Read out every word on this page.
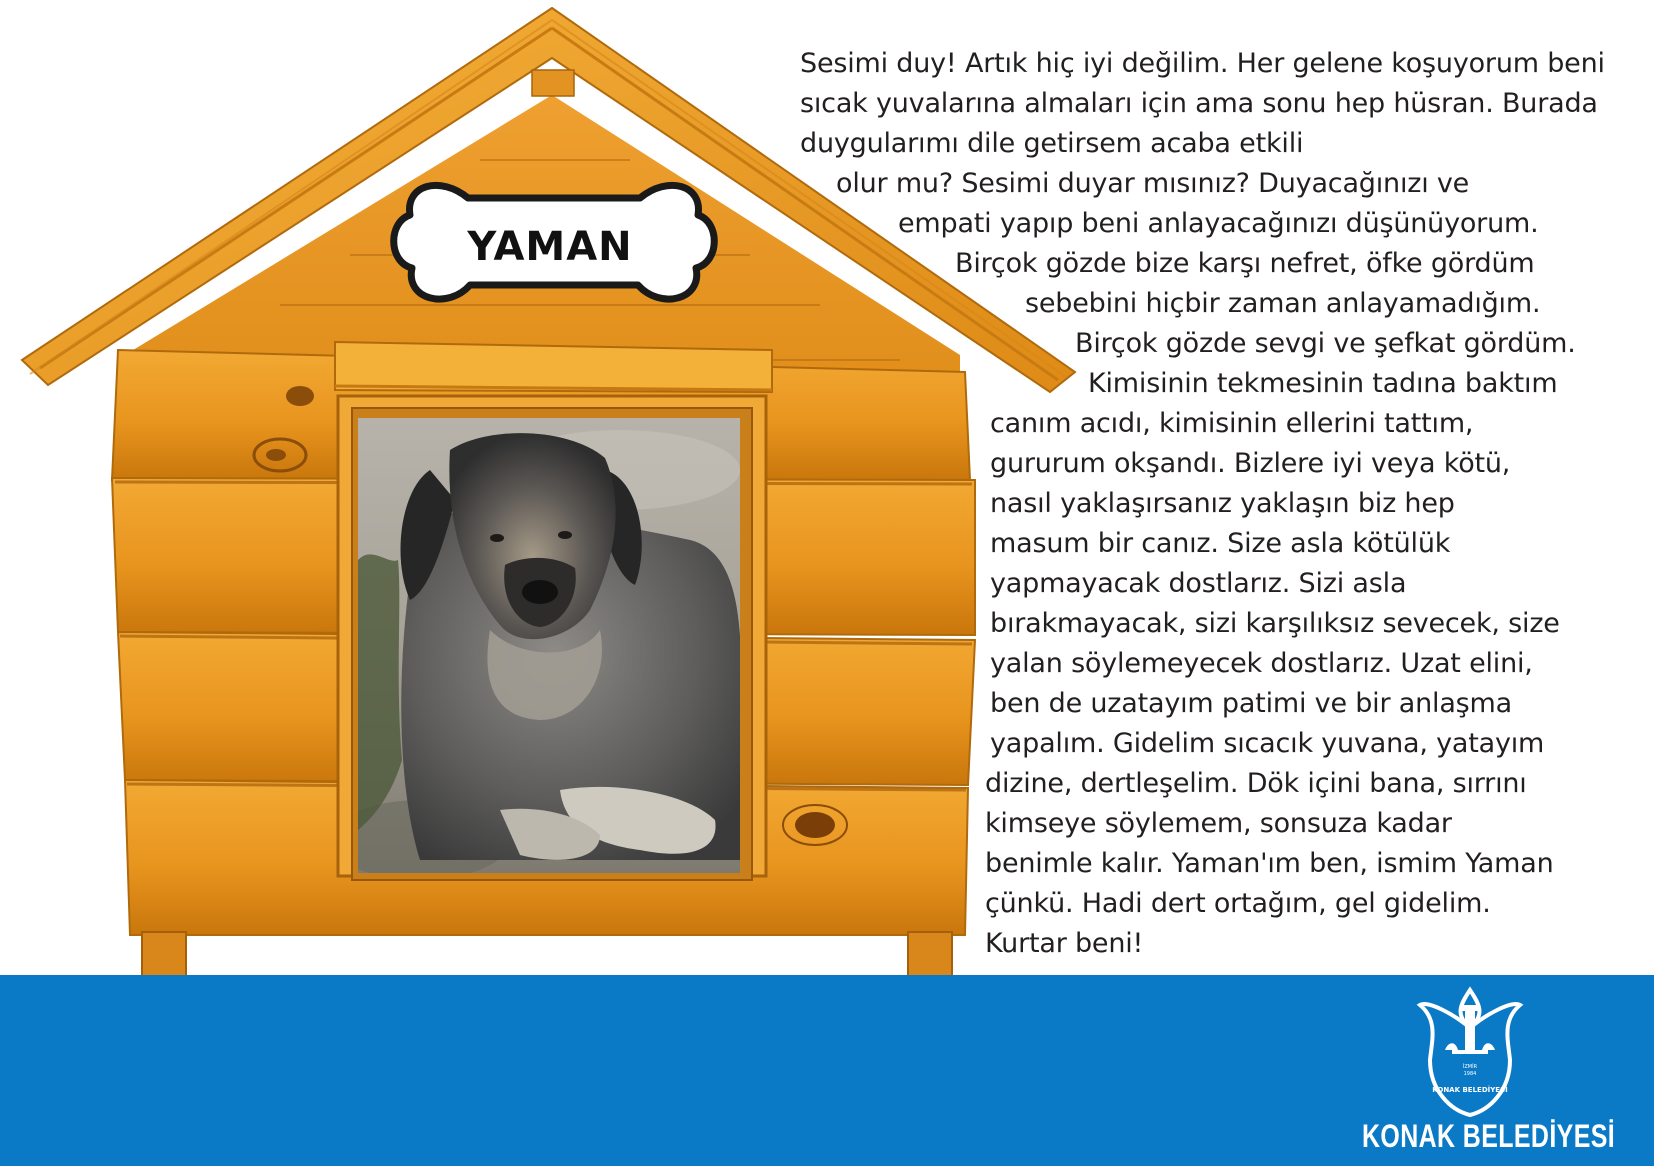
YAMAN
İZMİR
1984
KONAK BELEDİYESİ
Sesimi duy! Artık hiç iyi değilim. Her gelene koşuyorum beni
sıcak yuvalarına almaları için ama sonu hep hüsran. Burada
duygularımı dile getirsem acaba etkili
olur mu? Sesimi duyar mısınız? Duyacağınızı ve
empati yapıp beni anlayacağınızı düşünüyorum.
Birçok gözde bize karşı nefret, öfke gördüm
sebebini hiçbir zaman anlayamadığım.
Birçok gözde sevgi ve şefkat gördüm.
Kimisinin tekmesinin tadına baktım
canım acıdı, kimisinin ellerini tattım,
gururum okşandı. Bizlere iyi veya kötü,
nasıl yaklaşırsanız yaklaşın biz hep
masum bir canız. Size asla kötülük
yapmayacak dostlarız. Sizi asla
bırakmayacak, sizi karşılıksız sevecek, size
yalan söylemeyecek dostlarız. Uzat elini,
ben de uzatayım patimi ve bir anlaşma
yapalım. Gidelim sıcacık yuvana, yatayım
dizine, dertleşelim. Dök içini bana, sırrını
kimseye söylemem, sonsuza kadar
benimle kalır. Yaman'ım ben, ismim Yaman
çünkü. Hadi dert ortağım, gel gidelim.
Kurtar beni!
KONAK BELEDİYESİ
